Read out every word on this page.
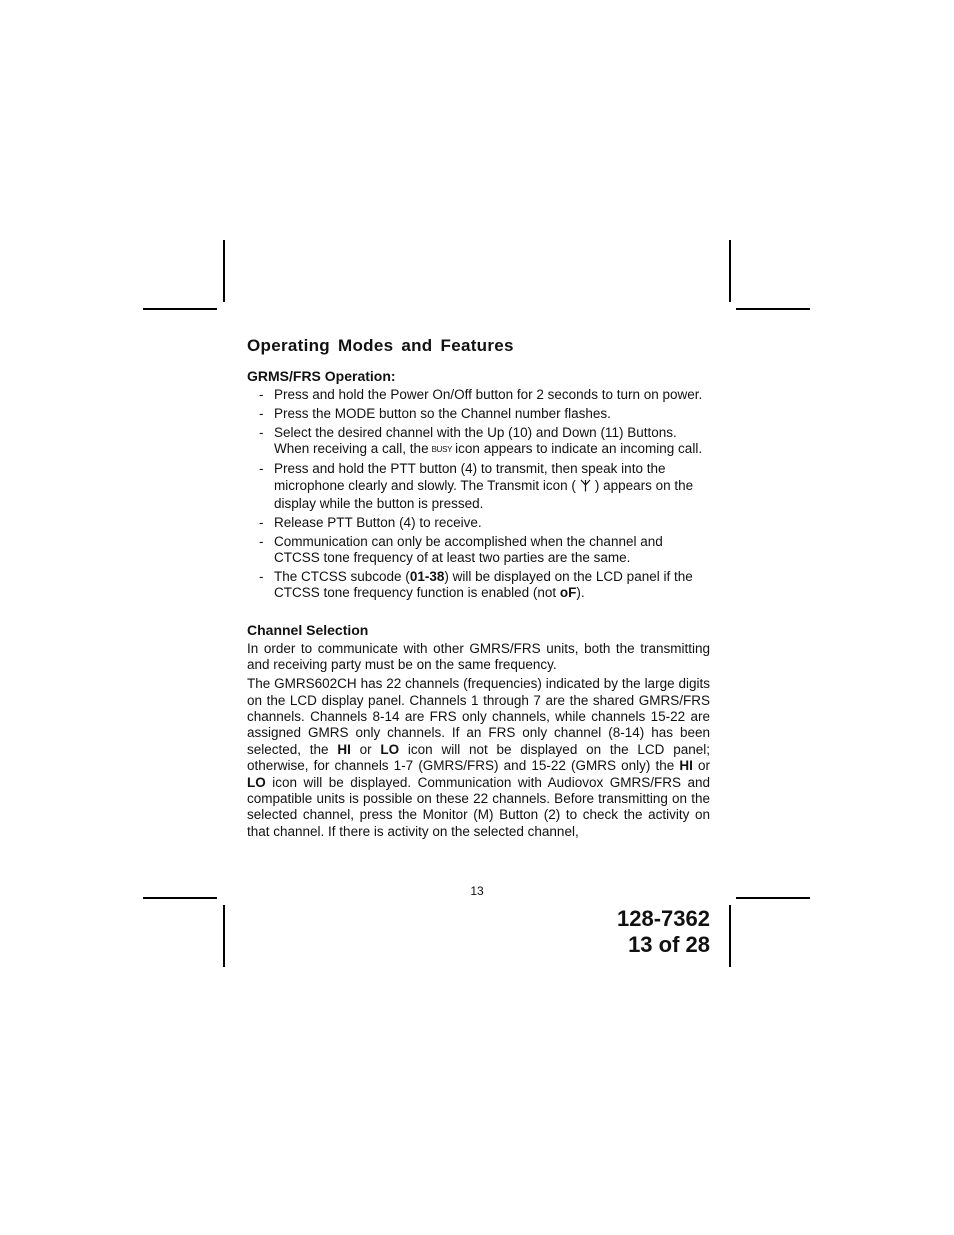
Operating Modes and Features
GRMS/FRS Operation:
- Press and hold the Power On/Off button for 2 seconds to turn on power.
- Press the MODE button so the Channel number flashes.
- Select the desired channel with the Up (10) and Down (11) Buttons. When receiving a call, the BUSY icon appears to indicate an incoming call.
- Press and hold the PTT button (4) to transmit, then speak into the microphone clearly and slowly. The Transmit icon ( ) appears on the display while the button is pressed.
- Release PTT Button (4) to receive.
- Communication can only be accomplished when the channel and CTCSS tone frequency of at least two parties are the same.
- The CTCSS subcode (01-38) will be displayed on the LCD panel if the CTCSS tone frequency function is enabled (not oF).
Channel Selection

In order to communicate with other GMRS/FRS units, both the transmitting and receiving party must be on the same frequency.

The GMRS602CH has 22 channels (frequencies) indicated by the large digits on the LCD display panel. Channels 1 through 7 are the shared GMRS/FRS channels. Channels 8-14 are FRS only channels, while channels 15-22 are assigned GMRS only channels. If an FRS only channel (8-14) has been selected, the HI or LO icon will not be displayed on the LCD panel; otherwise, for channels 1-7 (GMRS/FRS) and 15-22 (GMRS only) the HI or LO icon will be displayed. Communication with Audiovox GMRS/FRS and compatible units is possible on these 22 channels. Before transmitting on the selected channel, press the Monitor (M) Button (2) to check the activity on that channel. If there is activity on the selected channel,

13
128-7362
13 of 28
